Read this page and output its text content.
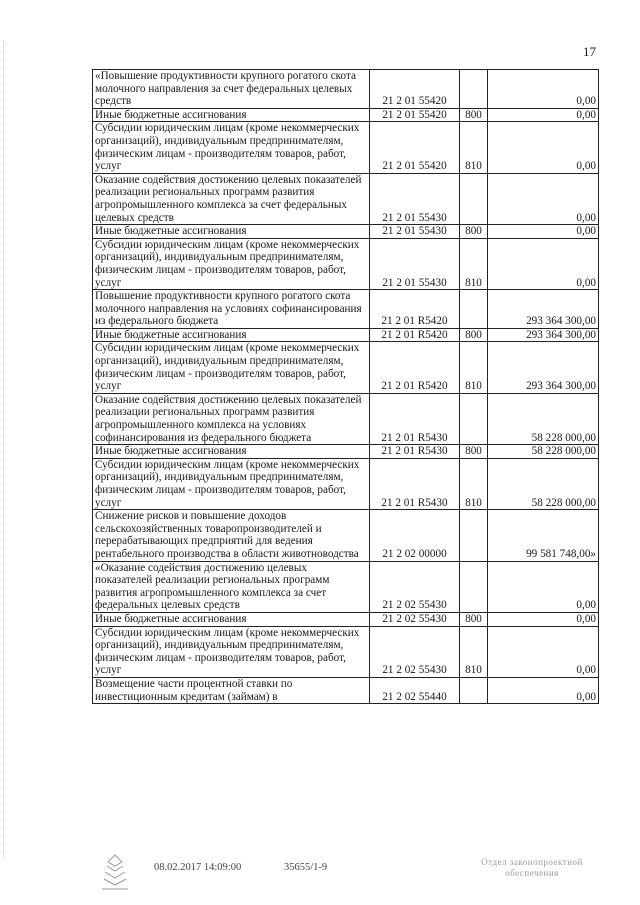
17
«Повышение продуктивности крупного рогатого скота молочного направления за счет федеральных целевых средств	21 2 01 55420		0,00
Иные бюджетные ассигнования	21 2 01 55420	800	0,00
Субсидии юридическим лицам (кроме некоммерческих организаций), индивидуальным предпринимателям, физическим лицам - производителям товаров, работ, услуг	21 2 01 55420	810	0,00
Оказание содействия достижению целевых показателей реализации региональных программ развития агропромышленного комплекса за счет федеральных целевых средств	21 2 01 55430		0,00
Иные бюджетные ассигнования	21 2 01 55430	800	0,00
Субсидии юридическим лицам (кроме некоммерческих организаций), индивидуальным предпринимателям, физическим лицам - производителям товаров, работ, услуг	21 2 01 55430	810	0,00
Повышение продуктивности крупного рогатого скота молочного направления на условиях софинансирования из федерального бюджета	21 2 01 R5420		293 364 300,00
Иные бюджетные ассигнования	21 2 01 R5420	800	293 364 300,00
Субсидии юридическим лицам (кроме некоммерческих организаций), индивидуальным предпринимателям, физическим лицам - производителям товаров, работ, услуг	21 2 01 R5420	810	293 364 300,00
Оказание содействия достижению целевых показателей реализации региональных программ развития агропромышленного комплекса на условиях софинансирования из федерального бюджета	21 2 01 R5430		58 228 000,00
Иные бюджетные ассигнования	21 2 01 R5430	800	58 228 000,00
Субсидии юридическим лицам (кроме некоммерческих организаций), индивидуальным предпринимателям, физическим лицам - производителям товаров, работ, услуг	21 2 01 R5430	810	58 228 000,00
Снижение рисков и повышение доходов сельскохозяйственных товаропроизводителей и перерабатывающих предприятий для ведения рентабельного производства в области животноводства	21 2 02 00000		99 581 748,00»
«Оказание содействия достижению целевых показателей реализации региональных программ развития агропромышленного комплекса за счет федеральных целевых средств	21 2 02 55430		0,00
Иные бюджетные ассигнования	21 2 02 55430	800	0,00
Субсидии юридическим лицам (кроме некоммерческих организаций), индивидуальным предпринимателям, физическим лицам - производителям товаров, работ, услуг	21 2 02 55430	810	0,00
Возмещение части процентной ставки по инвестиционным кредитам (займам) в	21 2 02 55440		0,00
08.02.2017 14:09:00	35655/1-9	Отдел законопроектной
обеспечения
